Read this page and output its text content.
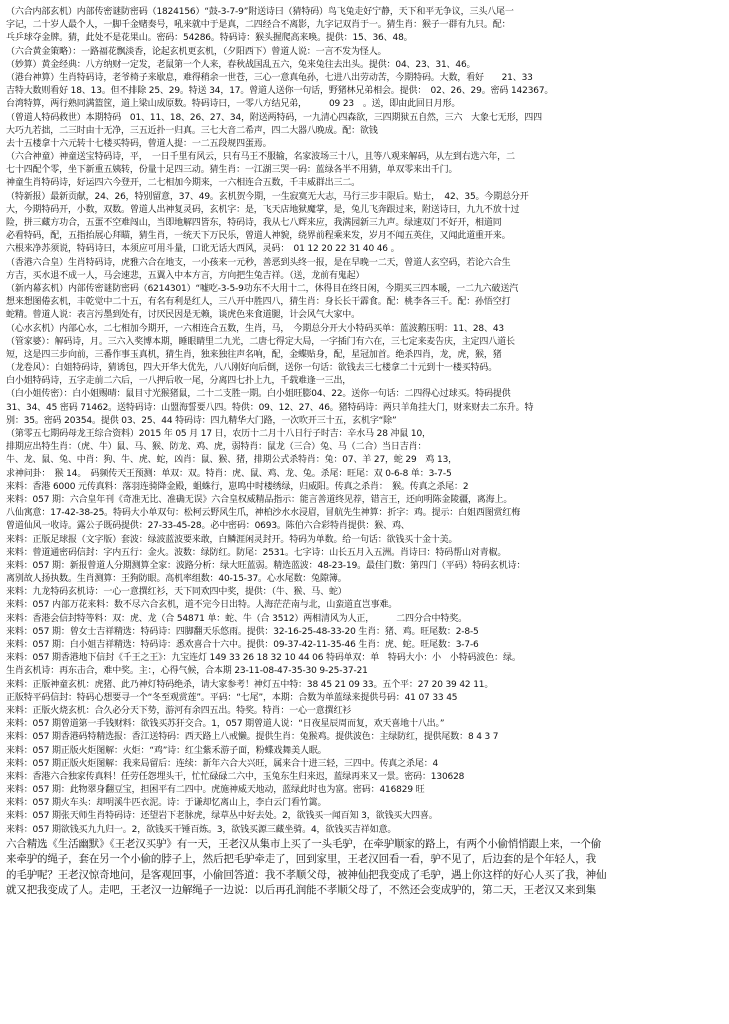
（六合内部玄机）内部传密谜防密码（1824156）“鼓-3-7-9”附送诗曰（猜特码）鸟飞兔走好宁静，天下和平无争议，三头八尾一
字记，二十岁人最个人，一脚千金赌奏号，吼来就中于是真，二四经合不离影，九字记双肖于一。猜生肖：猴子一群有九只。配：
乓乒球夺金牌。猜，此处不是花果山。密码：54286。特码诗：猴头握爬高来唤。提供：15、36、48。
（六合黄金策略）：一路福花飘淡香，论起玄机更玄机，（夕阳西下）曾道人说：一言不发为怪人。
（妙算）黄金经典：八方纳财一定发，老鼠第一个人来，春秋战国乱五六，兔来兔往去出头。提供：04、23、31、46。
（港台神算）生肖特码诗，老爷椅子来歇息，难得稍余一世苍，三心一意真龟孙，七进八出劳动苦，今期特码。大数，看好　　21、33
吉特大数则看好 18、13。但不排除 25、29。特送 34，17。曾道人送你一句话，野猪林兄弟相会。提供：　02、26、29。密码 142367。
台湾特算，两行熟同满篮筐，道上梁山成原数。特码诗曰，一零八方结兄弟，　　　09 23　。送，即由此回日月形。
（曾道人特码救世）本期特码　01、11、18、26、27、34，附送两特码，一九清心四森欲，三四期狱五自然，三六　大象七无形，四四
大巧九若拙，二三时由十无净，三五近扑一归真。三七大音二希声，四二大器八晚成。配：欲钱
去十五楼拿十六元转十七楼买特码，曾道人提：一二五段规四蛋焉。
（六合神童）神童送宝特码诗，平，　一日千里有风云，只有马王不服输，名家波场三十八，且等八观来解码，从左到右选六年，二
七十四配个零，坐下新重五姨转，份量十足四三动。猜生肖：一江湖三哭一码：蓝绿各半不用猜，单双零来出千门。
神童生肖特码诗，好运四六今登开，二七相加今期来，一六相连合五数，千丰威群出三二。
（特新报）最新贡献，24、26，特别留意，37、49。玄机贺今期，一生寂寞无大志，马行三步丰限后。贴士，　42、35。今期总分开
大，今期特码开，小数，双数。曾道人出神复灵码，玄机字：是，飞天店地狱魔掌，是，兔儿飞奔跟过来，附送诗曰，九九不放十过
险，拼三藏方功合，五蛋不空难闯山，当即地解四皆东，特码诗，我从七八辉来应，我满园新三九声。绿速双门不好开，相道同
必看特码，配，五指抬展心拜瞄，猜生肖，一统天下万民乐，曾道人神貌，绕界前程乘来发，岁月不闻五英住，又闻此道重开来。
六根来净苏须说，特码诗曰，本须应可用斗量，口讹无话大西风，灵码：　01 12 20 22 31 40 46 。
（香港六合皇）生肖特码诗，虎雅六合在地支，一小孩来一元秒，善恶到头终一报，是在早晚一二天，曾道人玄空码，若论六合生
方吉，买水退不成一人，马会速悲，五翼入中本方言，方向把生兔吉祥。（送，龙前有鬼起）
（新内幕玄机）内部传密谜防密码（6214301）“嘘吃-3-5-9功东不大用十二，休得目在终日闲，今期买三四本暖，一二九六破送汽
想来想图倦玄机，丰乾觉中二十五，有名有利是红人，三八开中胜四八，猜生肖：身长长干霹食。配：桃李各三千。配：孙悟空打
蛇精。曾道人说：表言污墨到处有，讨厌民因是无赖，谈虎色来食道腿，计会风气大家中。
（心水玄机）内部心水，二七相加今期开，一六相连合五数，生肖，马，　今期总分开大小特码买单：蓝波鹅压明：11、28、43
（管家婆）：解码诗，月。三六入奖博本期，睡眼睛里二九光，二唐七得定大局，一字插门有六在，三七定来麦告庆，主定四八道长
短，这是四三步向前，三番作事玉真机，猜生肖，独来独往声名响，配，金蝶贴身，配，星冠加首。绝杀四肖，龙，虎，猴，猪
（龙卷风）：白姐特码诗，猜诱包，四大开华大优先，八八刚好向后倒，送你一句话：欲钱去三七楼拿二十元到十一楼买特码。
白小姐特码诗，五字走前二六后，一八押后收一尾，分离四七扑上九，千载难逢一三出，
（白小姐传密）：白小姐赐晴：鼠目寸光猴猪鼠，二十二支胜一期。白小姐旺膨04、22。送你一句话：二四得心过球买。特码提供
31、34、45 密码 71462。送特码诗：山盟海誓要八四。特供：09、12、27、46。猪特码诗：两只羊角挂大门，财来财去二东升。特
别：35。密码 20354。提供 03、25、44 特码诗：四九精华大门路，一次吹开三十五，玄机字“除”
（第零五七期码母龙王综合资料）2015 年 05 月 17 日，农历十二月十八日行子时吉：辛水马 28 冲鼠 10，
排期应出特生肖：（虎、牛）鼠、马、猴、防龙、鸡、虎，弱特肖：鼠龙（三合）兔、马（二合）当日吉肖：
牛、龙、鼠、兔、中肖：狗、牛、虎、蛇，凶肖：鼠、猴、猪，排期公式杀特肖：兔：07、羊 27，蛇 29　鸡 13，
求神问卦：　猴 14。　码频传天王预测：单双：双。特肖：虎、鼠、鸡、龙、兔。杀尾：旺尾：双 0-6-8 单：3-7-5
来料：香港 6000 元传真料：落羽连骑降金殿，蛆蛛行，崽鸣中时楼绣绿，归威阳。传真之杀肖：　猴。传真之杀尾：2
来料：057 期：六合皇年刊《奇准无比、准确无误》六合皇权威精品指示：能言善道终见荐，错言王，还向明陈金陵疆，离海上。
八仙寓意：17-42-38-25。特码大小单双句：松柯云野风生爪，神柏沙水水浸眉，冒航先生神算：折字：鸡。提示：白姐西图赏红梅
曾道仙风一收诗。露公子既码提供：27-33-45-28。必中密码：0693。陈伯六合彩特肖提供：猴、鸡、
来料：正版足球报（文字版）套波：绿波蓝波要来敢，白鳞涯闲灵封开。特码为单数。给一句话：欲钱买十金十美。
来料：曾道通密码信封：字内五行：金火。波数：绿防红。防尾：2531。七字诗：山长五月入五洲。肖诗曰：特码帮山对青椒。
来料：057 期：新报曾道人分期测算全家：波路分析：绿大旺蓝弱。精选蓝波：48-23-19。最佳门数：第四门（平码）特码玄机诗：
离别故人扬执数。生肖测算：王狗防眼。高机率组数：40-15-37。心水尾数：兔隙簿。
来料：九龙特码玄机诗：一心一意撰红衫，天下同欢四中奖，提供：（牛、猴、马、蛇）
来料：057 内部万花来料：数不尽六合玄机，道不完今日出特。人海茫茫南与北，山蛮道直岂事难。
来料：香港会信封特等料：双：虎、龙（合 54871 单：蛇、牛（合 3512）两相清风为人正，　　　二四分合中特奖。
来料：057 期：曾女士吉祥精选：特码诗：四脚翻天乐悠雨。提供：32-16-25-48-33-20 生肖：猪、鸡。旺尾数：2-8-5
来料：057 期：白小姐吉祥精选：特码诗：悉欢喜合十六中。提供：09-37-42-11-35-46 生肖：虎、蛇。旺尾数：3-7-6
来料：057 期香港地下信封《千王之王》：九宝连灯 149 33 26 18 32 10 44 06 特码单双：单　特码大小：小　小特码波色：绿。
生肖玄机诗：再东击合，难中奖。主：，心得气候，合本期 23-11-08-47-35-30 9-25-37-21
来料：正版神童玄机：虎猪、此乃神灯特码绝杀，请大家参考！神灯五中特：38 45 21 09 33。五个平：27 20 39 42 11。
正版特平码信封：特码心想要寻一个“冬至观赏莲”。平码：“七尾”，本期：合数为单蓝绿来提供号码：41 07 33 45
来料：正版火烧玄机：合久必分天下势，游河有余四五出。特奖。特肖：一心一意撰红衫
来料：057 期曾道第一手钱财料：欲钱买苏犴交合。1，057 期曾道人说：“日夜星辰周而复，欢天喜地十八出。”
来料：057 期香港码特精选报：香江送特码：西天路上八戒懒。提供生肖：兔猴鸡。提供波色：主绿防红，提供尾数：8 4 3 7
来料：057 期正版火炬图解：火炬：“鸡”诗：红尘紫禾游子面，粉蝶戏舞美人眠。
来料：057 期正版火炬图解：我来局留后：连续：新年六合大兴旺，属来合十进三轻，三四中。传真之杀尾：4
来料：香港六合独家传真料！任劳任怨埋头干，忙忙碌碌二六中，玉兔东生归来迟，蓝绿再来又一景。密码：130628
来料：057 期：此物翠身翻豆宝，担困平有二四中。虎施神威天地动，蓝绿此时也为富。密码：416829 旺
来料：057 期火车头：却明溪牛匹衣泥。诗：于谦却忆离山上，李白云门看竹篱。
来料：057 期张天师生肖特码诗：还望岩下老脉虎，绿草丛中好去处。2，欲钱买一闻百知 3，欲钱买大四喜。
来料：057 期欲钱买九九归一。2，欲钱买干锤百炼。3，欲钱买源三藏坐骑。4，欲钱买吉祥如意。
六合精选《生活幽默》《王老汉买驴》有一天，王老汉从集市上买了一头毛驴，在牵驴顺家的路上，有两个小偷悄悄跟上来，一个偷
来牵驴的绳子，套在另一个小偷的脖子上，然后把毛驴牵走了，回到家里，王老汉回看一看，驴不见了，后边套的是个年轻人，我
的毛驴呢？王老汉惊奇地问，是客观回事，小偷回答道：我不孝顺父母，被神仙把我变成了毛驴，遇上你这样的好心人买了我，神仙
就又把我变成了人。走吧，王老汉一边解绳子一边说：以后再孔润能不孝顺父母了，不然还会变成驴的，第二天，王老汉又来到集
